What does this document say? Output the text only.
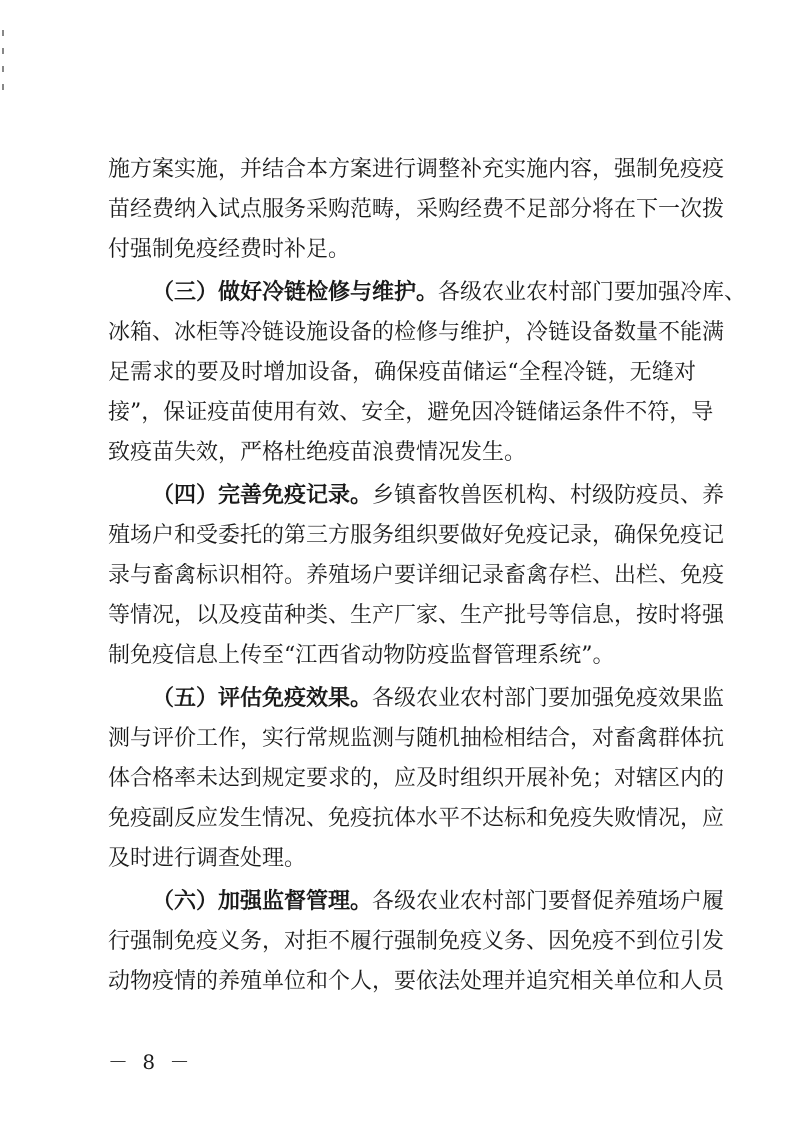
施方案实施，并结合本方案进行调整补充实施内容，强制免疫疫
苗经费纳入试点服务采购范畴，采购经费不足部分将在下一次拨
付强制免疫经费时补足。
（三）做好冷链检修与维护。各级农业农村部门要加强冷库、
冰箱、冰柜等冷链设施设备的检修与维护，冷链设备数量不能满
足需求的要及时增加设备，确保疫苗储运“全程冷链，无缝对
接”，保证疫苗使用有效、安全，避免因冷链储运条件不符，导
致疫苗失效，严格杜绝疫苗浪费情况发生。
（四）完善免疫记录。乡镇畜牧兽医机构、村级防疫员、养
殖场户和受委托的第三方服务组织要做好免疫记录，确保免疫记
录与畜禽标识相符。养殖场户要详细记录畜禽存栏、出栏、免疫
等情况，以及疫苗种类、生产厂家、生产批号等信息，按时将强
制免疫信息上传至“江西省动物防疫监督管理系统”。
（五）评估免疫效果。各级农业农村部门要加强免疫效果监
测与评价工作，实行常规监测与随机抽检相结合，对畜禽群体抗
体合格率未达到规定要求的，应及时组织开展补免；对辖区内的
免疫副反应发生情况、免疫抗体水平不达标和免疫失败情况，应
及时进行调查处理。
（六）加强监督管理。各级农业农村部门要督促养殖场户履
行强制免疫义务，对拒不履行强制免疫义务、因免疫不到位引发
动物疫情的养殖单位和个人，要依法处理并追究相关单位和人员
－ 8 －
